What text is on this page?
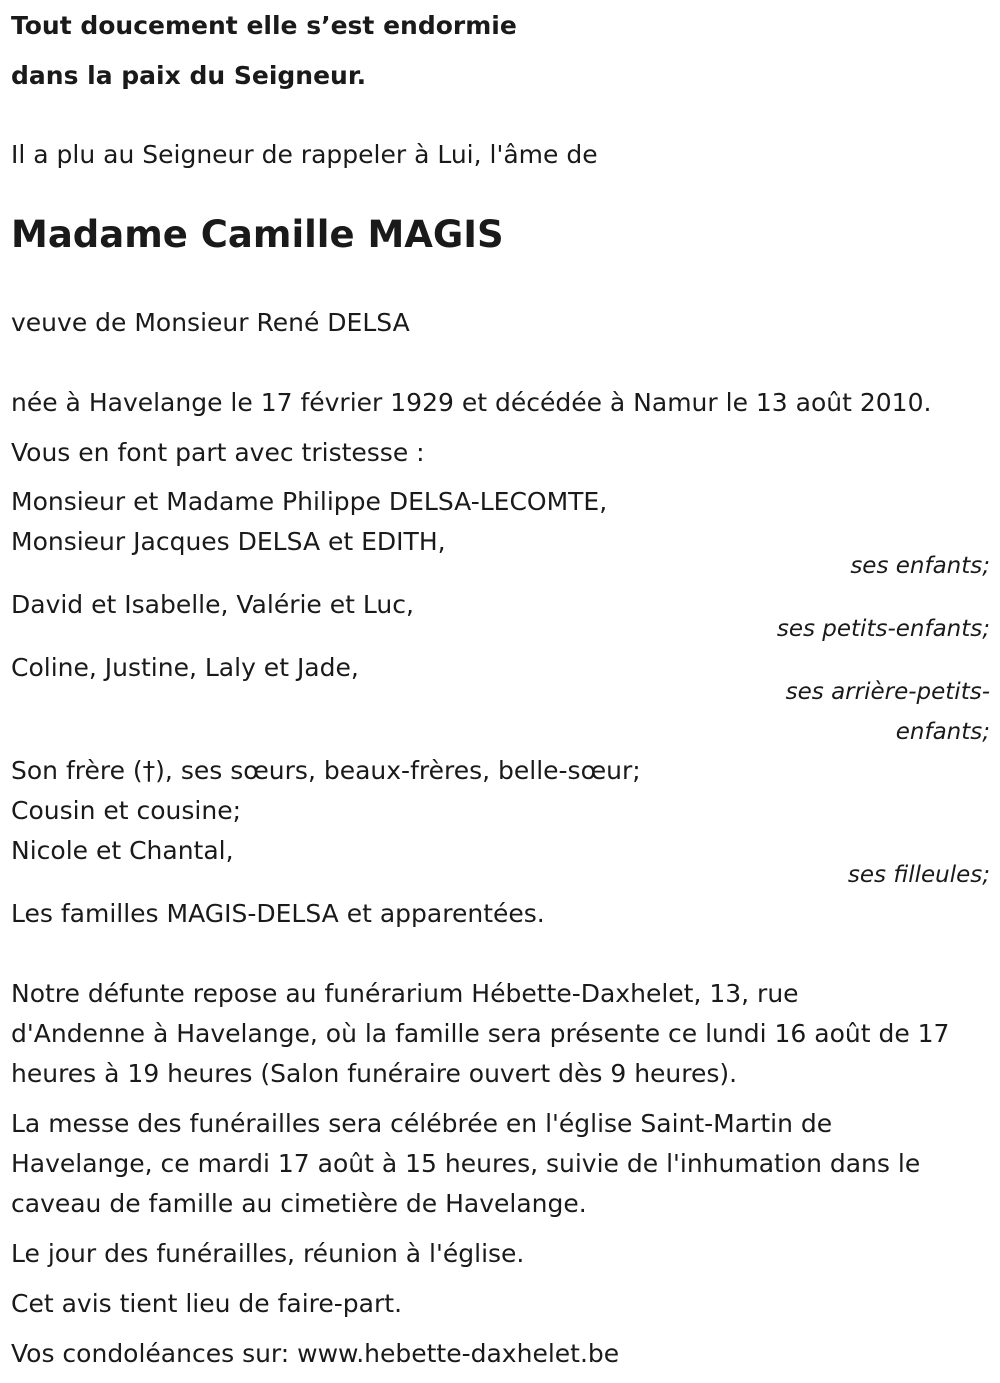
Tout doucement elle s’est endormie

dans la paix du Seigneur.

Il a plu au Seigneur de rappeler à Lui, l'âme de

Madame Camille MAGIS

veuve de Monsieur René DELSA

née à Havelange le 17 février 1929 et décédée à Namur le 13 août 2010.

Vous en font part avec tristesse :

Monsieur et Madame Philippe DELSA-LECOMTE,

Monsieur Jacques DELSA et EDITH,

ses enfants;

David et Isabelle, Valérie et Luc,

ses petits-enfants;

Coline, Justine, Laly et Jade,

ses arrière-petits-

enfants;

Son frère (†), ses sœurs, beaux-frères, belle-sœur;

Cousin et cousine;

Nicole et Chantal,

ses filleules;

Les familles MAGIS-DELSA et apparentées.

Notre défunte repose au funérarium Hébette-Daxhelet, 13, rue

d'Andenne à Havelange, où la famille sera présente ce lundi 16 août de 17

heures à 19 heures (Salon funéraire ouvert dès 9 heures).

La messe des funérailles sera célébrée en l'église Saint-Martin de

Havelange, ce mardi 17 août à 15 heures, suivie de l'inhumation dans le

caveau de famille au cimetière de Havelange.

Le jour des funérailles, réunion à l'église.

Cet avis tient lieu de faire-part.

Vos condoléances sur: www.hebette-daxhelet.be
